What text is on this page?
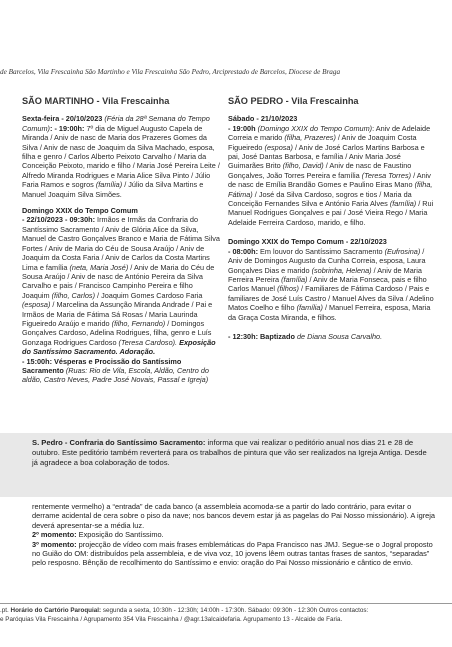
de Barcelos, Vila Frescainha São Martinho e Vila Frescainha São Pedro, Arciprestado de Barcelos, Diocese de Braga
SÃO MARTINHO - Vila Frescainha
Sexta-feira - 20/10/2023 (Féria da 28ª Semana do Tempo Comum): - 19:00h: 7º dia de Miguel Augusto Capela de Miranda / Aniv de nasc de Maria dos Prazeres Gomes da Silva / Aniv de nasc de Joaquim da Silva Machado, esposa, filha e genro / Carlos Alberto Peixoto Carvalho / Maria da Conceição Peixoto, marido e filho / Maria José Pereira Leite / Alfredo Miranda Rodrigues e Maria Alice Silva Pinto / Júlio Faria Ramos e sogros (família) / Júlio da Silva Martins e Manuel Joaquim Silva Simões.
Domingo XXIX do Tempo Comum
- 22/10/2023 - 09:30h: Irmãos e Irmãs da Confraria do Santíssimo Sacramento / Aniv de Glória Alice da Silva, Manuel de Castro Gonçalves Branco e Maria de Fátima Silva Fortes / Aniv de Maria do Céu de Sousa Araújo / Aniv de Joaquim da Costa Faria / Aniv de Carlos da Costa Martins Lima e família (neta, Maria José) / Aniv de Maria do Céu de Sousa Araújo / Aniv de nasc de António Pereira da Silva Carvalho e pais / Francisco Campinho Pereira e filho Joaquim (filho, Carlos) / Joaquim Gomes Cardoso Faria (esposa) / Marcelina da Assunção Miranda Andrade / Pai e Irmãos de Maria de Fátima Sá Rosas / Maria Laurinda Figueiredo Araújo e marido (filho, Fernando) / Domingos Gonçalves Cardoso, Adelina Rodrigues, filha, genro e Luís Gonzaga Rodrigues Cardoso (Teresa Cardoso). Exposição do Santíssimo Sacramento. Adoração.
- 15:00h: Vésperas e Procissão do Santíssimo Sacramento (Ruas: Rio de Vila, Escola, Aldão, Centro do aldão, Castro Neves, Padre José Novais, Passal e Igreja)
SÃO PEDRO - Vila Frescainha
Sábado - 21/10/2023
- 19:00h (Domingo XXIX do Tempo Comum): Aniv de Adelaide Correia e marido (filha, Prazeres) / Aniv de Joaquim Costa Figueiredo (esposa) / Aniv de José Carlos Martins Barbosa e pai, José Dantas Barbosa, e família / Aniv Maria José Guimarães Brito (filho, David) / Aniv de nasc de Faustino Gonçalves, João Torres Pereira e família (Teresa Torres) / Aniv de nasc de Emília Brandão Gomes e Paulino Eiras Mano (filha, Fátima) / José da Silva Cardoso, sogros e tios / Maria da Conceição Fernandes Silva e António Faria Alves (família) / Rui Manuel Rodrigues Gonçalves e pai / José Vieira Rego / Maria Adelaide Ferreira Cardoso, marido, e filho.
Domingo XXIX do Tempo Comum - 22/10/2023
- 08:00h: Em louvor do Santíssimo Sacramento (Eufrosina) / Aniv de Domingos Augusto da Cunha Correia, esposa, Laura Gonçalves Dias e marido (sobrinha, Helena) / Aniv de Maria Ferreira Pereira (família) / Aniv de Maria Fonseca, pais e filho Carlos Manuel (filhos) / Familiares de Fátima Cardoso / Pais e familiares de José Luís Castro / Manuel Alves da Silva / Adelino Matos Coelho e filho (família) / Manuel Ferreira, esposa, Maria da Graça Costa Miranda, e filhos.
- 12:30h: Baptizado de Diana Sousa Carvalho.
S. Pedro - Confraria do Santíssimo Sacramento: informa que vai realizar o peditório anual nos dias 21 e 28 de outubro. Este peditório também reverterá para os trabalhos de pintura que vão ser realizados na Igreja Antiga. Desde já agradece a boa colaboração de todos.
rentemente vermelho) a “entrada” de cada banco (a assembleia acomoda-se a partir do lado contrário, para evitar o derrame acidental de cera sobre o piso da nave; nos bancos devem estar já as pagelas do Pai Nosso missionário). A igreja deverá apresentar-se a média luz.
2º momento: Exposição do Santíssimo.
3º momento: projecção de vídeo com mais frases emblemáticas do Papa Francisco nas JMJ. Segue-se o Jogral proposto no Guião do OM: distribuídos pela assembleia, e de viva voz, 10 jovens lêem outras tantas frases de santos, “separadas” pelo resposno. Bênção de recolhimento do Santíssimo e envio: oração do Pai Nosso missionário e cântico de envio.
.pt. Horário do Cartório Paroquial: segunda a sexta, 10:30h - 12:30h; 14:00h - 17:30h. Sábado: 09:30h - 12:30h Outros contactos:
e Paróquias Vila Frescainha / Agrupamento 354 Vila Frescainha / @agr.13alcaidefaria. Agrupamento 13 - Alcaide de Faria.
